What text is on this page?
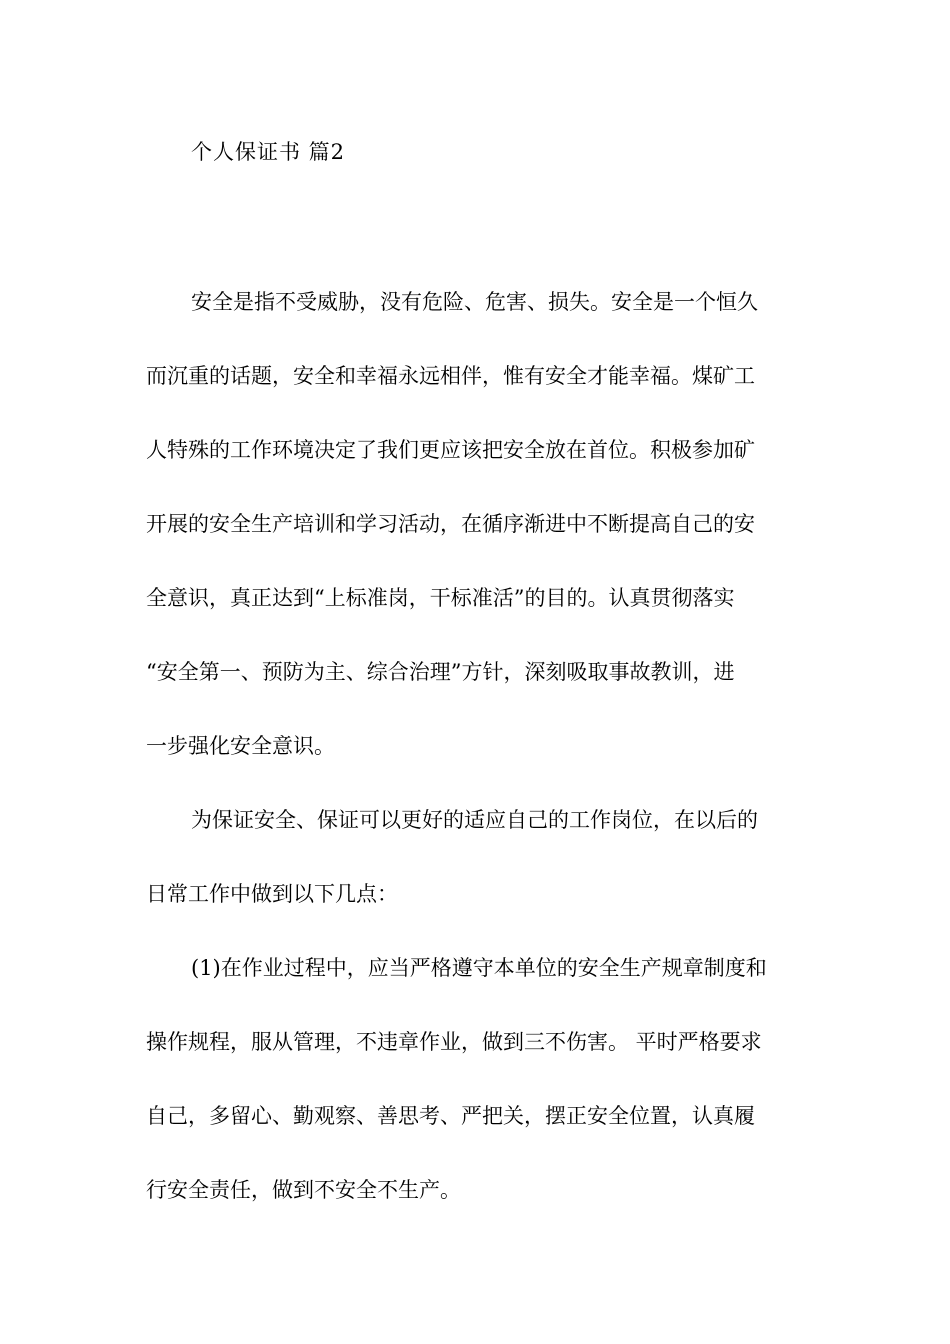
个人保证书 篇2
安全是指不受威胁，没有危险、危害、损失。安全是一个恒久
而沉重的话题，安全和幸福永远相伴，惟有安全才能幸福。煤矿工
人特殊的工作环境决定了我们更应该把安全放在首位。积极参加矿
开展的安全生产培训和学习活动，在循序渐进中不断提高自己的安
全意识，真正达到“上标准岗，干标准活”的目的。认真贯彻落实
“安全第一、预防为主、综合治理”方针，深刻吸取事故教训，进
一步强化安全意识。
为保证安全、保证可以更好的适应自己的工作岗位，在以后的
日常工作中做到以下几点：
(1)在作业过程中，应当严格遵守本单位的安全生产规章制度和
操作规程，服从管理，不违章作业，做到三不伤害。 平时严格要求
自己，多留心、勤观察、善思考、严把关，摆正安全位置，认真履
行安全责任，做到不安全不生产。
